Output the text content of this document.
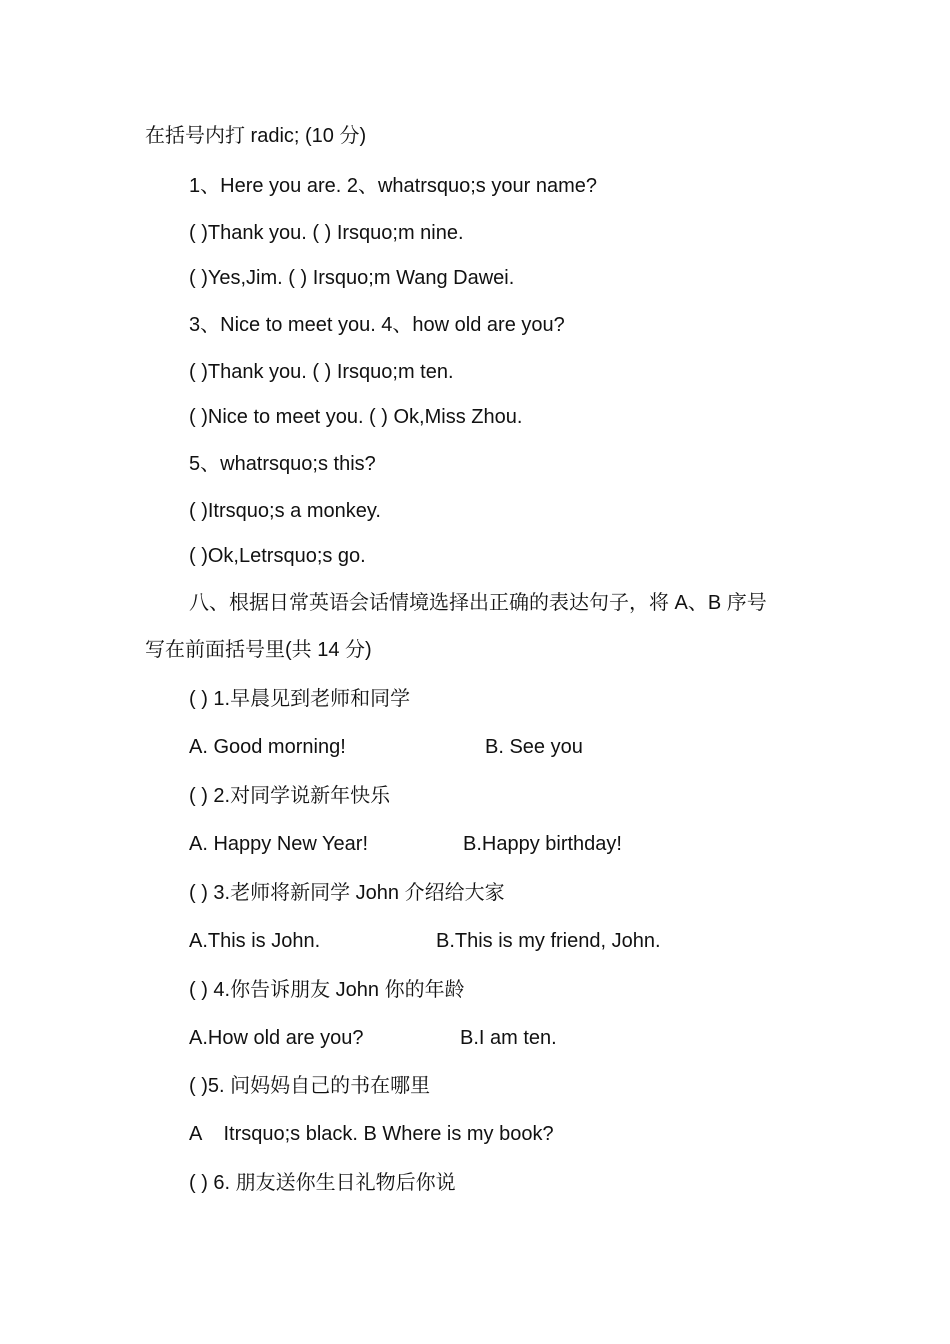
在括号内打 radic; (10 分)
1、Here you are. 2、whatrsquo;s your name?
( )Thank you. ( ) Irsquo;m nine.
( )Yes,Jim. ( ) Irsquo;m Wang Dawei.
3、Nice to meet you. 4、how old are you?
( )Thank you. ( ) Irsquo;m ten.
( )Nice to meet you. ( ) Ok,Miss Zhou.
5、whatrsquo;s this?
( )Itrsquo;s a monkey.
( )Ok,Letrsquo;s go.
八、根据日常英语会话情境选择出正确的表达句子，将 A、B 序号
写在前面括号里(共 14 分)
( ) 1.早晨见到老师和同学
A. Good morning!	B. See you
( ) 2.对同学说新年快乐
A. Happy New Year!	B.Happy birthday!
( ) 3.老师将新同学 John 介绍给大家
A.This is John.	B.This is my friend, John.
( ) 4.你告诉朋友 John 你的年龄
A.How old are you?	B.I am ten.
( )5. 问妈妈自己的书在哪里
A    Itrsquo;s black. B Where is my book?
( ) 6. 朋友送你生日礼物后你说
